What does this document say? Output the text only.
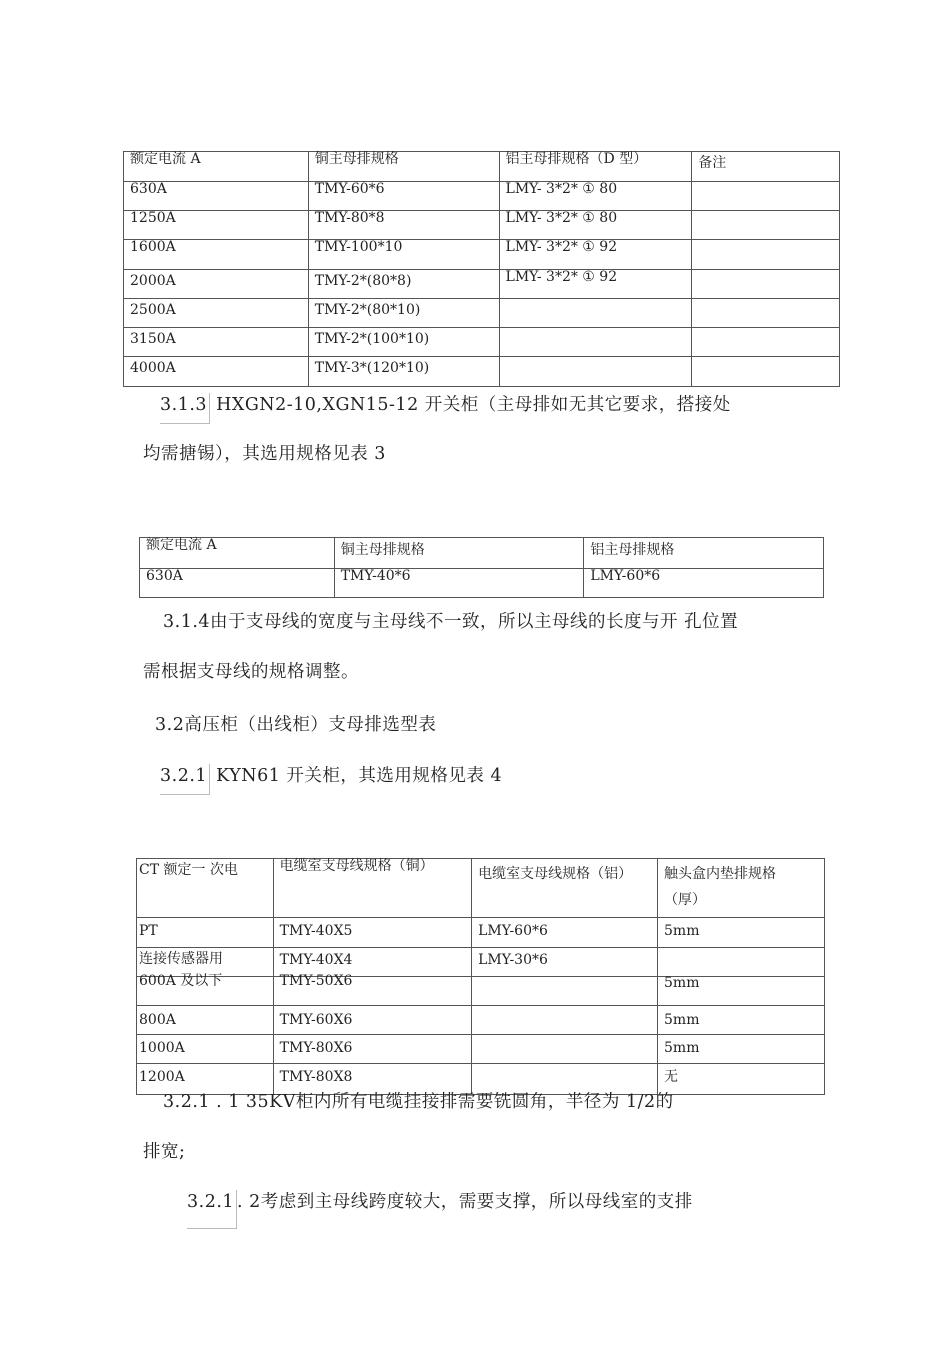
额定电流 A	铜主母排规格	铝主母排规格（D 型）	备注

630A	TMY-60*6	LMY- 3*2* ① 80	

1250A	TMY-80*8	LMY- 3*2* ① 80	

1600A	TMY-100*10	LMY- 3*2* ① 92	

2000A	TMY-2*(80*8)	LMY- 3*2* ① 92	

2500A	TMY-2*(80*10)		

3150A	TMY-2*(100*10)		

4000A	TMY-3*(120*10)		

3.1.3 HXGN2-10,XGN15-12 开关柜（主母排如无其它要求，搭接处
均需搪锡），其选用规格见表 3
额定电流 A	铜主母排规格	铝主母排规格

630A	TMY-40*6	LMY-60*6
3.1.4由于支母线的宽度与主母线不一致，所以主母线的长度与开 孔位置
需根据支母线的规格调整。
3.2高压柜（出线柜）支母排选型表
3.2.1 KYN61 开关柜，其选用规格见表 4
CT 额定一 次电	电缆室支母线规格（铜）	电缆室支母线规格（铝）	触头盒内垫排规格（厚）

PT	TMY-40X5	LMY-60*6	5mm

连接传感器用	TMY-40X4	LMY-30*6	

600A 及以下	TMY-50X6		5mm

800A	TMY-60X6		5mm

1000A	TMY-80X6		5mm

1200A	TMY-80X8		无
3.2.1 . 1 35KV柜内所有电缆挂接排需要铣圆角，半径为 1/2的
排宽;
3.2.1 . 2考虑到主母线跨度较大，需要支撑，所以母线室的支排
